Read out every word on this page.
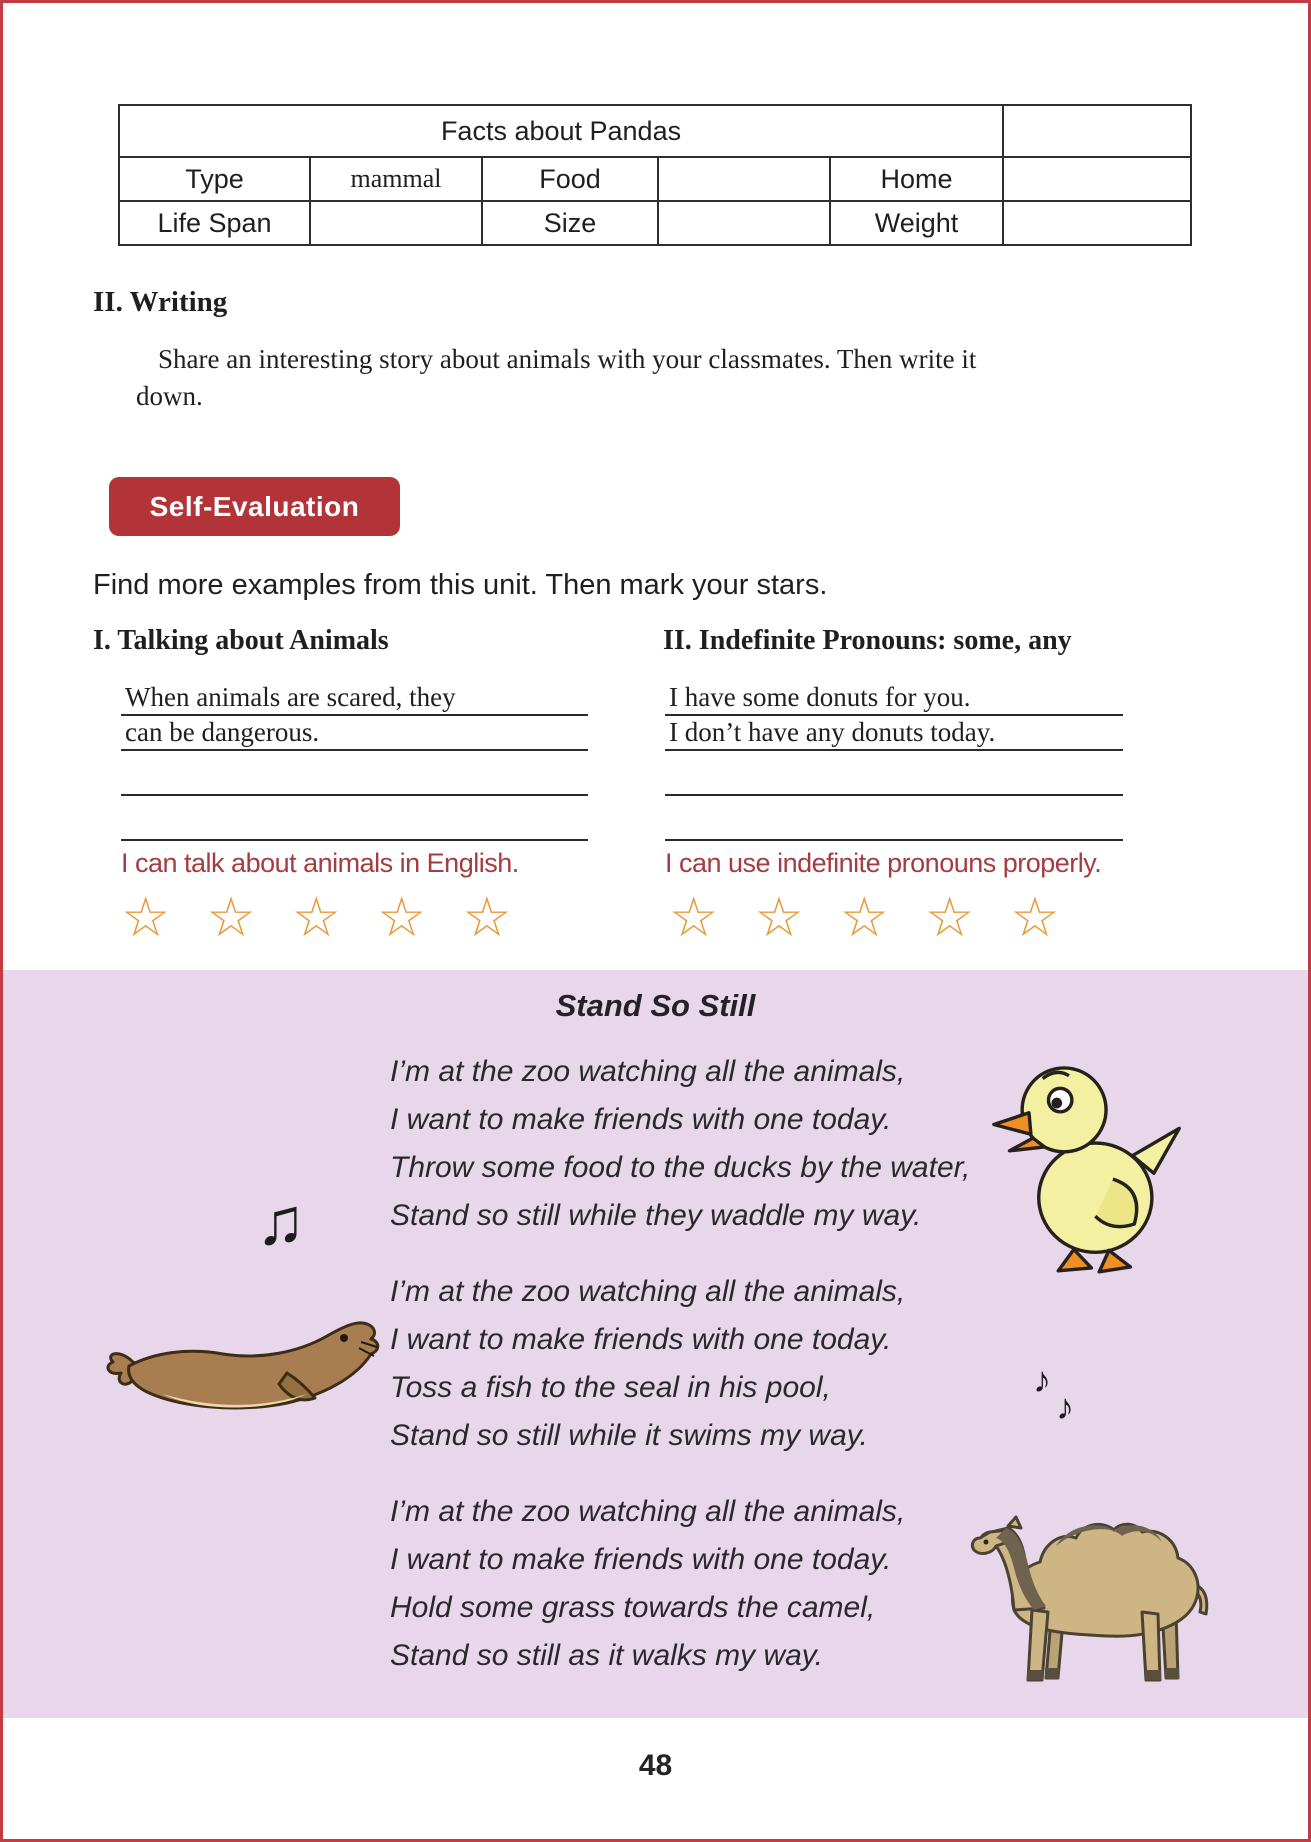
Facts about Pandas					
Type	mammal	Food		Home	
Life Span		Size		Weight	
II. Writing
Share an interesting story about animals with your classmates. Then write it
down.
Self-Evaluation
Find more examples from this unit. Then mark your stars.
I. Talking about Animals	II. Indefinite Pronouns: some, any
When animals are scared, they
can be dangerous.
I have some donuts for you.
I don’t have any donuts today.
I can talk about animals in English.	I can use indefinite pronouns properly.
☆ ☆ ☆ ☆ ☆	☆ ☆ ☆ ☆ ☆
Stand So Still
I’m at the zoo watching all the animals,
I want to make friends with one today.
Throw some food to the ducks by the water,
Stand so still while they waddle my way.
I’m at the zoo watching all the animals,
I want to make friends with one today.
Toss a fish to the seal in his pool,
Stand so still while it swims my way.
I’m at the zoo watching all the animals,
I want to make friends with one today.
Hold some grass towards the camel,
Stand so still as it walks my way.
♫
♪
♪
48
